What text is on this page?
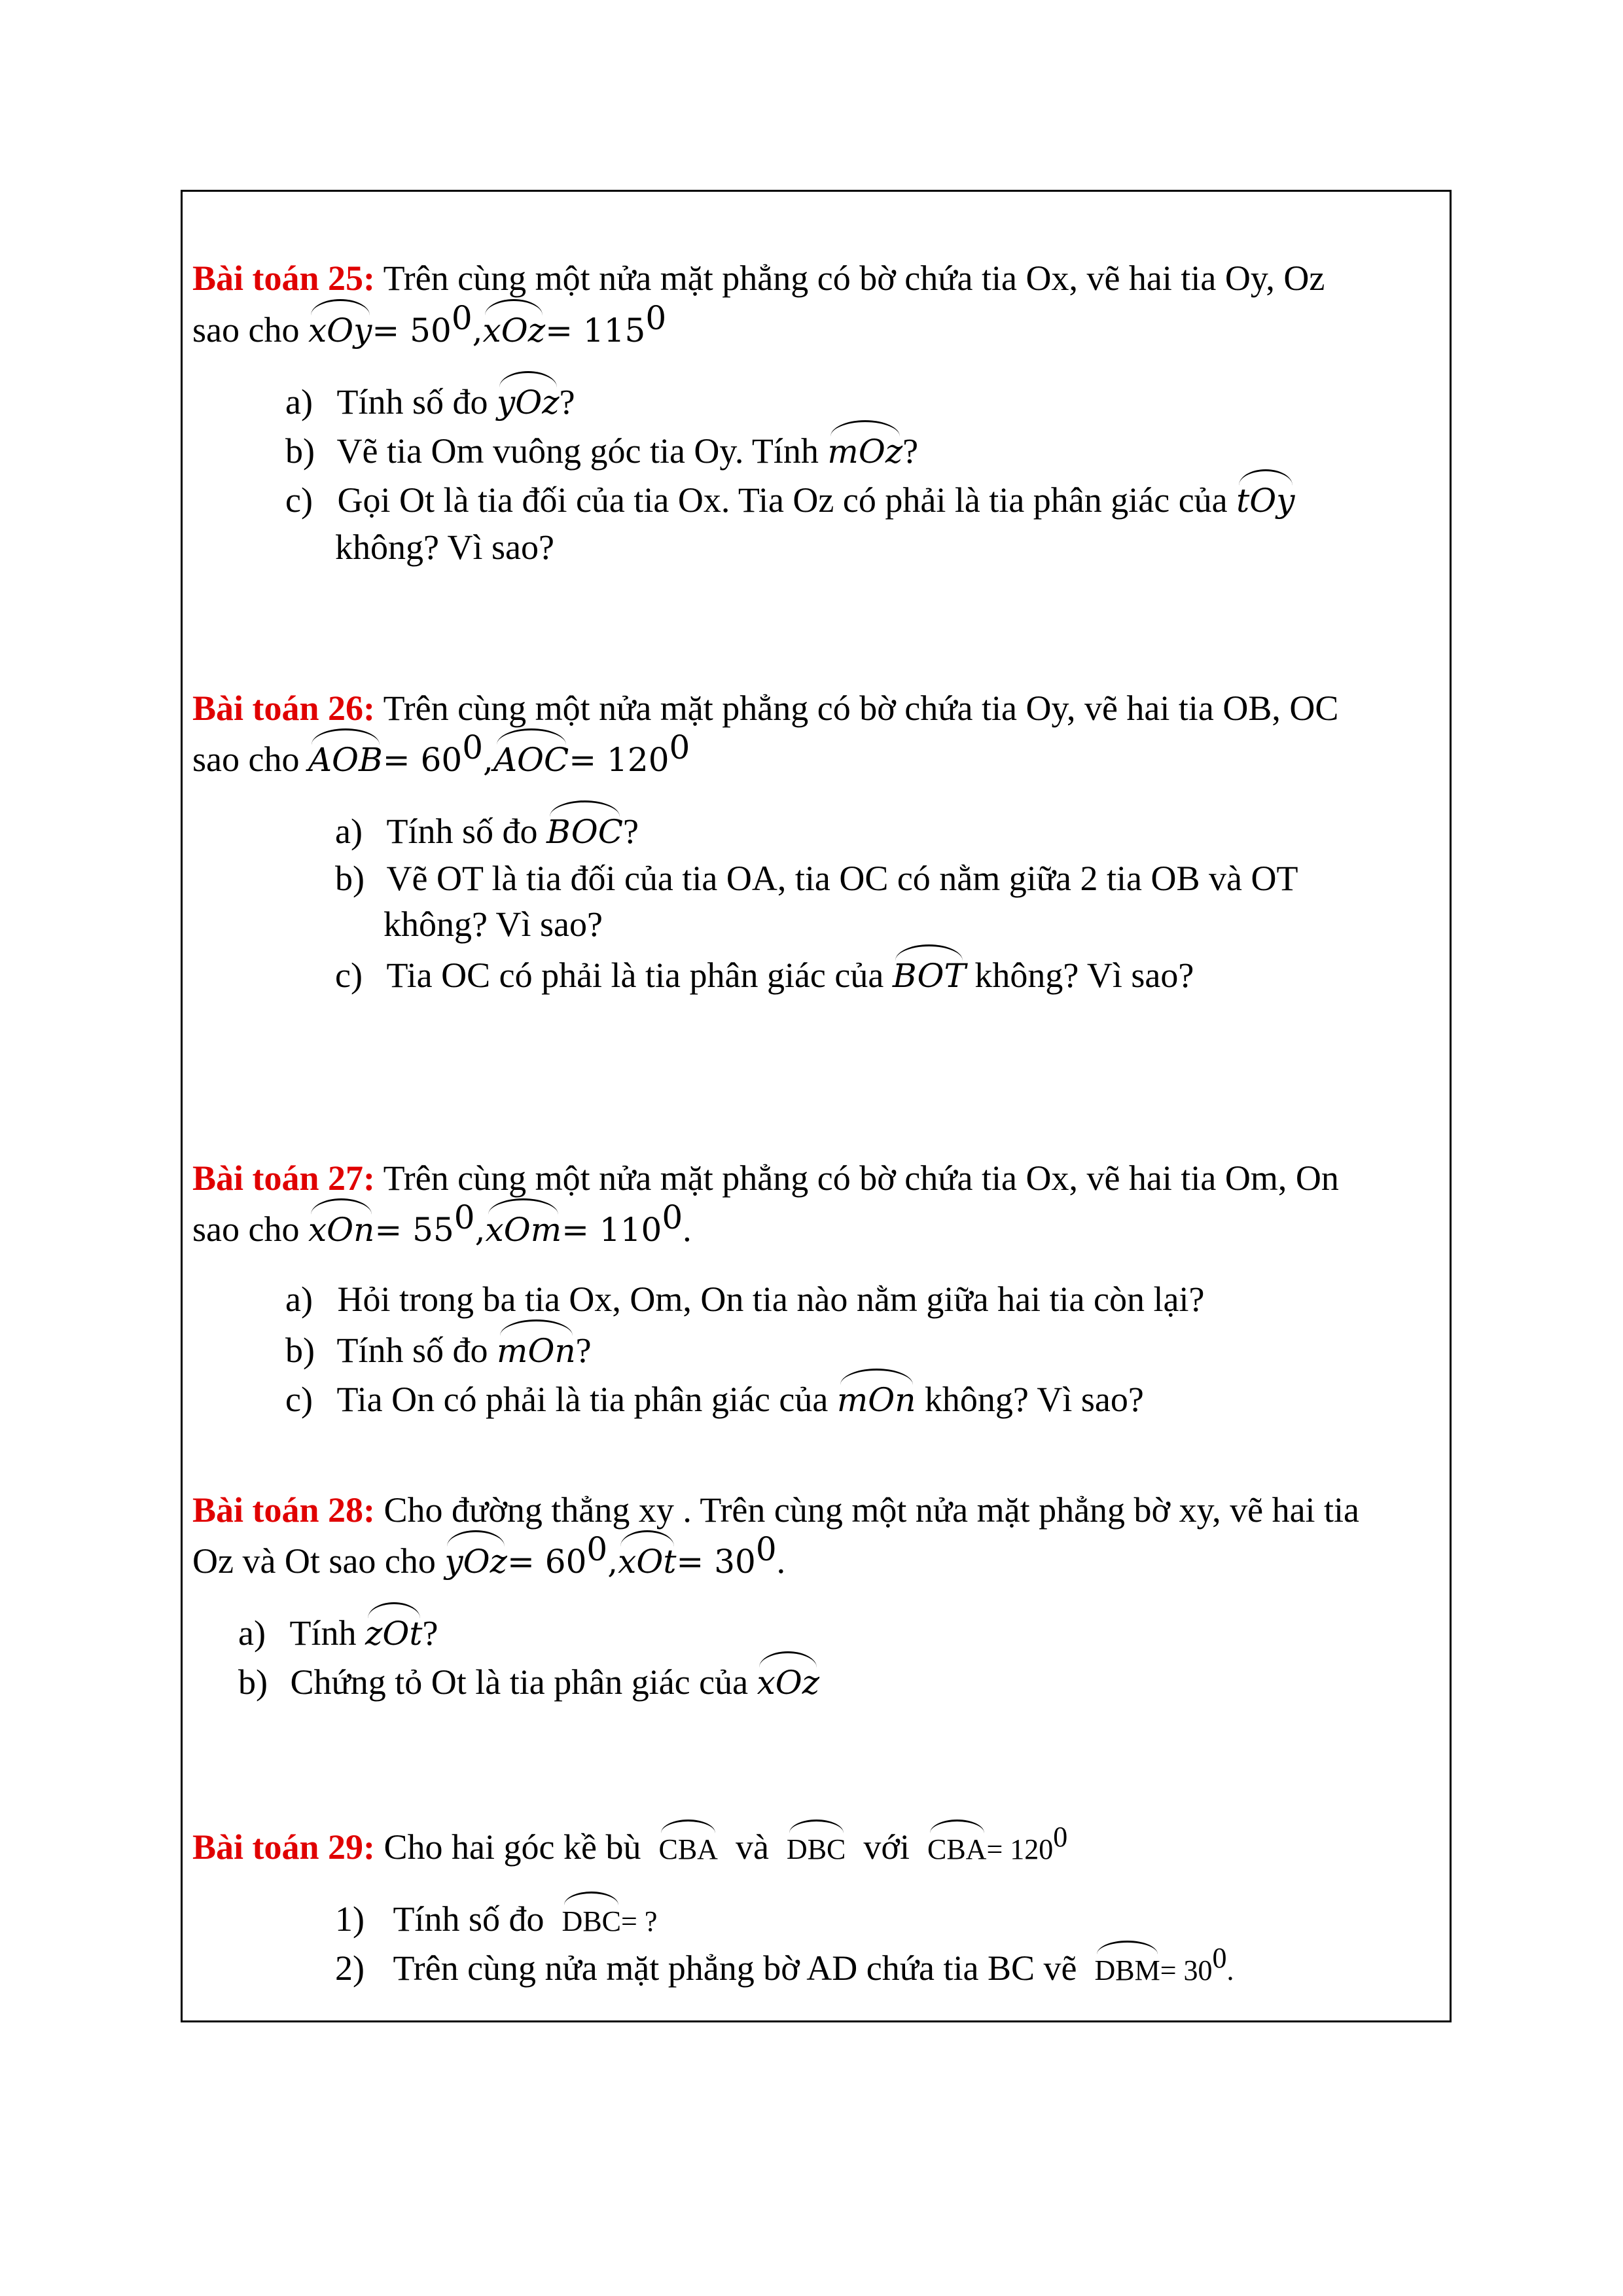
Bài toán 25: Trên cùng một nửa mặt phẳng có bờ chứa tia Ox, vẽ hai tia Oy, Oz
sao cho $xOy= 50^0,xOz= 115^0$
a) Tính số đo yOz?
b) Vẽ tia Om vuông góc tia Oy. Tính mOz?
c) Gọi Ot là tia đối của tia Ox. Tia Oz có phải là tia phân giác của tOy
không? Vì sao?
Bài toán 26: Trên cùng một nửa mặt phẳng có bờ chứa tia Oy, vẽ hai tia OB, OC
sao cho $AOB= 60^0,AOC= 120^0$
a) Tính số đo BOC?
b) Vẽ OT là tia đối của tia OA, tia OC có nằm giữa 2 tia OB và OT
không? Vì sao?
c) Tia OC có phải là tia phân giác của BOT không? Vì sao?
Bài toán 27: Trên cùng một nửa mặt phẳng có bờ chứa tia Ox, vẽ hai tia Om, On
sao cho $xOn= 55^0,xOm= 110^0$.
a) Hỏi trong ba tia Ox, Om, On tia nào nằm giữa hai tia còn lại?
b) Tính số đo mOn?
c) Tia On có phải là tia phân giác của mOn không? Vì sao?
Bài toán 28: Cho đường thẳng xy . Trên cùng một nửa mặt phẳng bờ xy, vẽ hai tia
Oz và Ot sao cho $yOz= 60^0,xOt= 30^0$.
a) Tính zOt?
b) Chứng tỏ Ot là tia phân giác của xOz
Bài toán 29: Cho hai góc kề bù CBA và DBC với $CBA= 120^0$
1) Tính số đo DBC= ?
2) Trên cùng nửa mặt phẳng bờ AD chứa tia BC vẽ $DBM= 30^0$.
